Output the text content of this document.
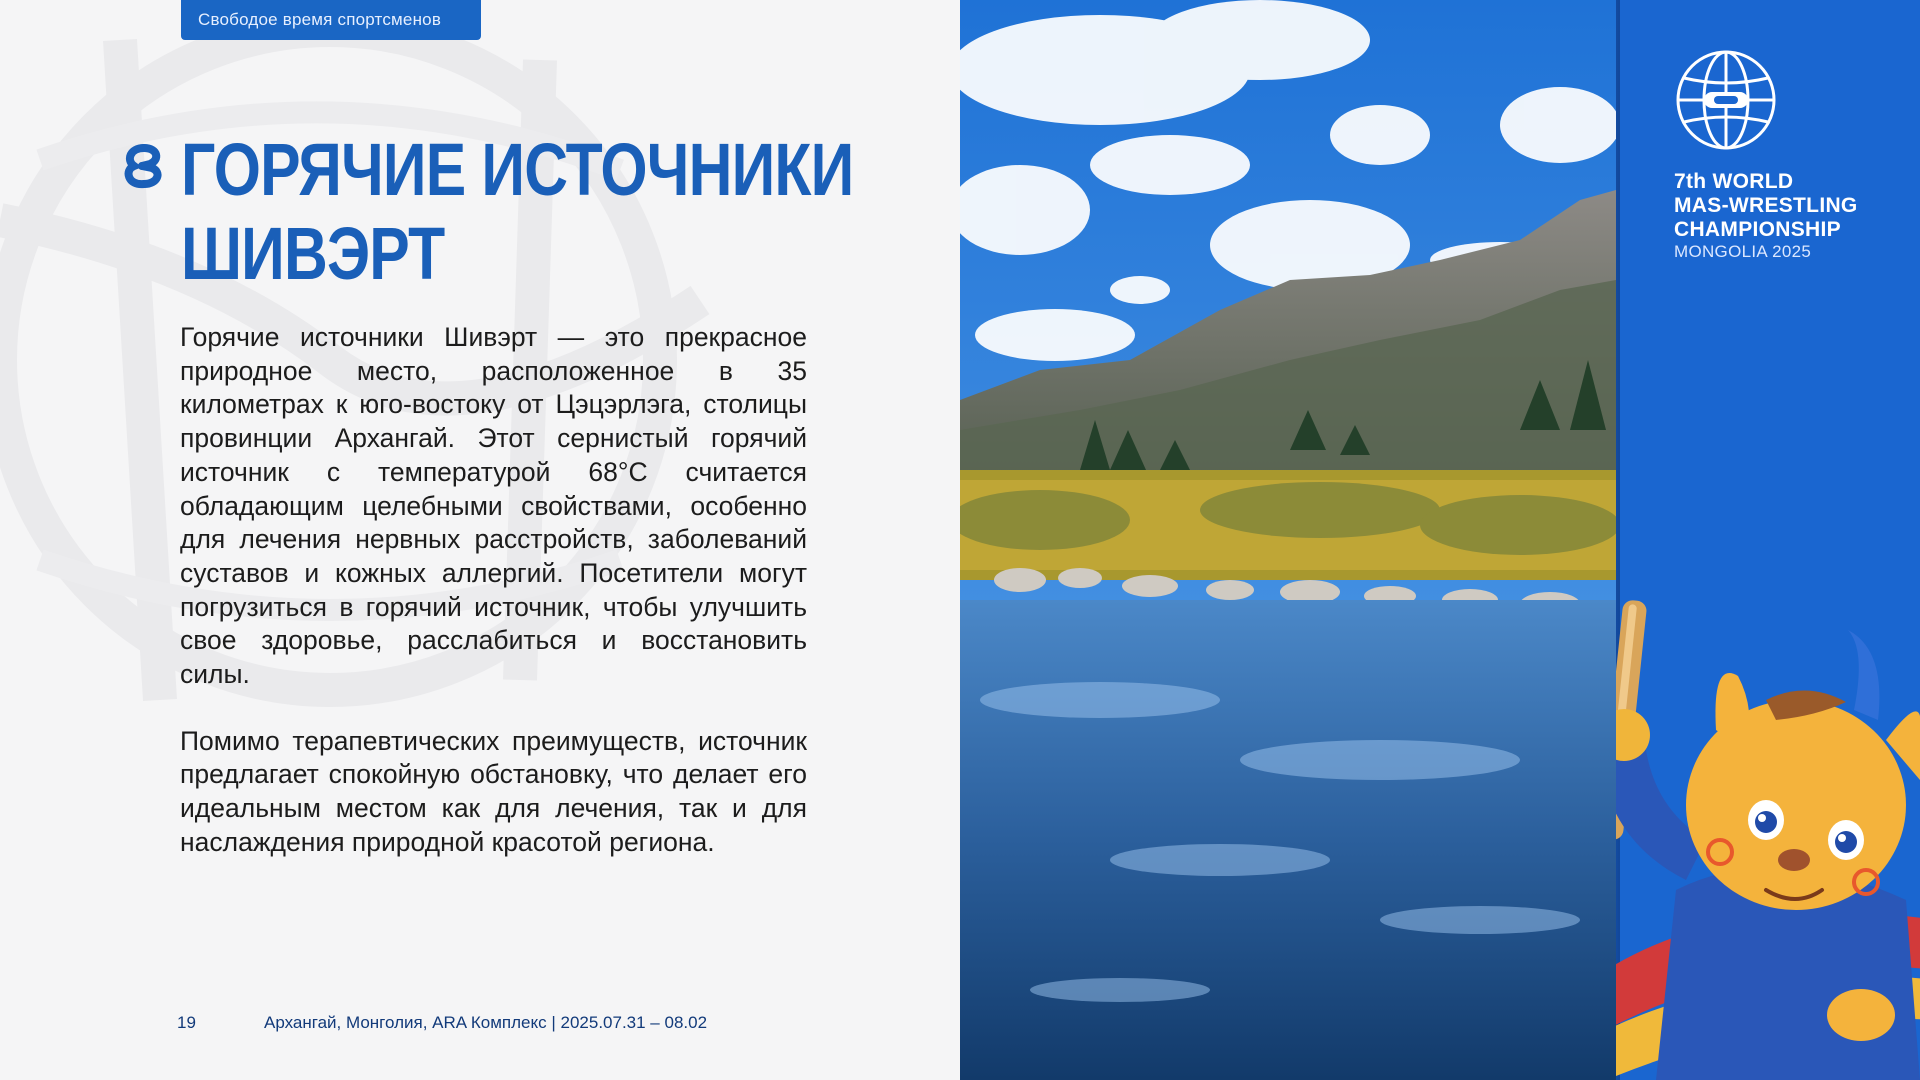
Свободое время спортсменов
ГОРЯЧИЕ ИСТОЧНИКИ
ШИВЭРТ

Горячие источники Шивэрт — это прекрасное природное место, расположенное в 35 километрах к юго-востоку от Цэцэрлэга, столицы провинции Архангай. Этот сернистый горячий источник с температурой 68°C считается обладающим целебными свойствами, особенно для лечения нервных расстройств, заболеваний суставов и кожных аллергий. Посетители могут погрузиться в горячий источник, чтобы улучшить свое здоровье, расслабиться и восстановить силы.

Помимо терапевтических преимуществ, источник предлагает спокойную обстановку, что делает его идеальным местом как для лечения, так и для наслаждения природной красотой региона.

19	Архангай, Монголия, ARA Комплекс | 2025.07.31 – 08.02
7th WORLD
MAS-WRESTLING
CHAMPIONSHIP
MONGOLIA 2025
